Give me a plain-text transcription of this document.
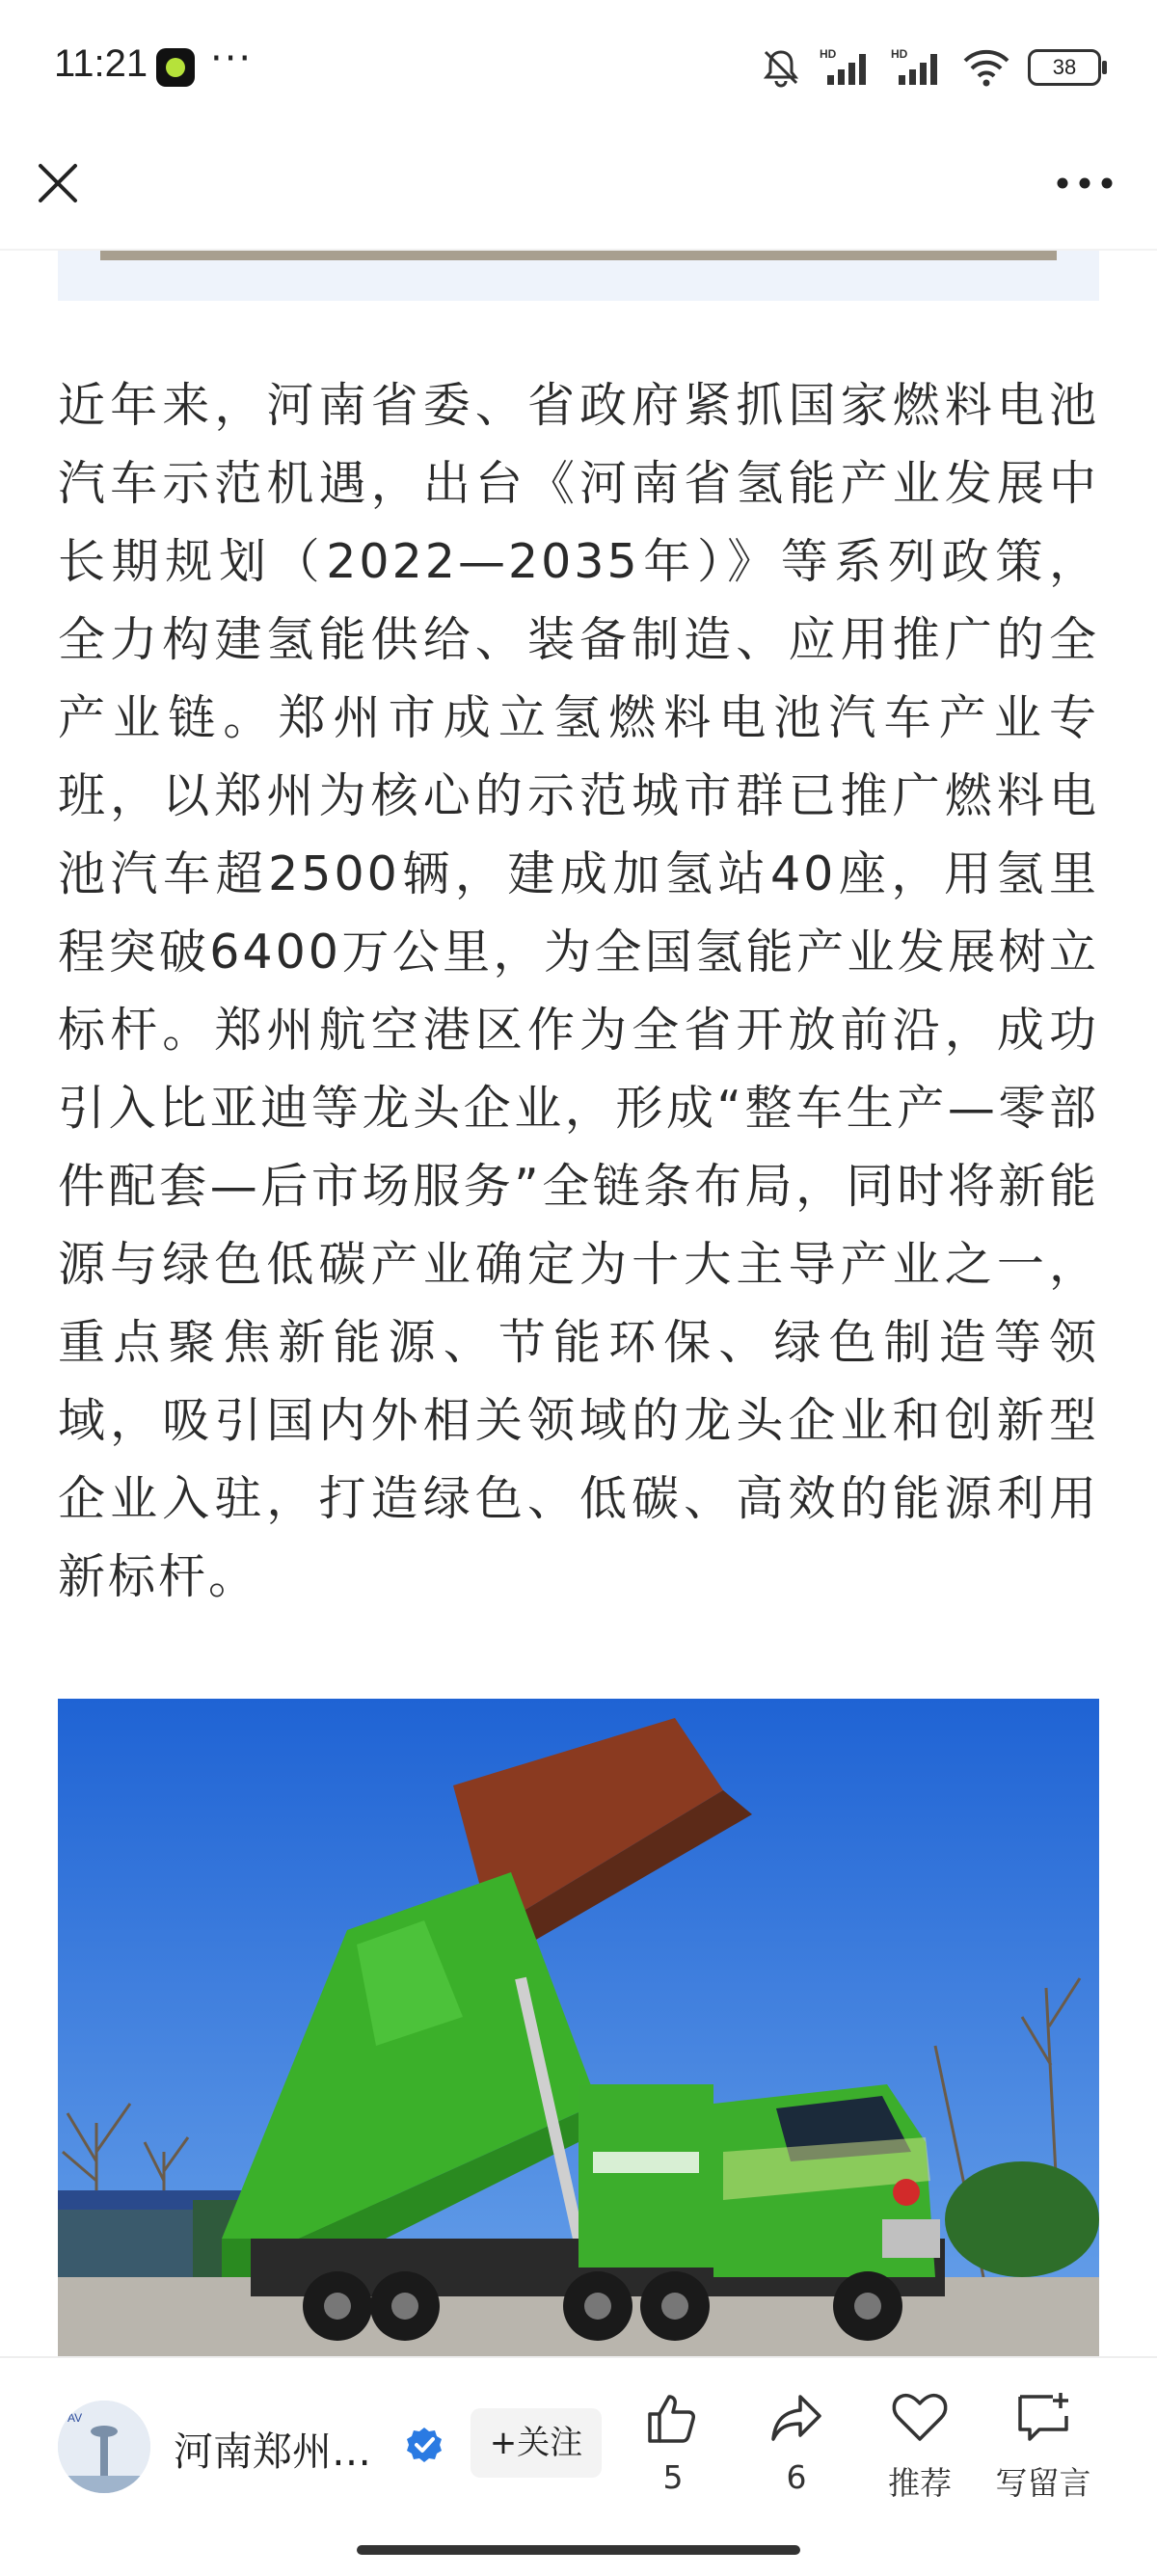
11:21 ···	HD	HD
38

近年来，河南省委、省政府紧抓国家燃料电池汽车示范机遇，出台《河南省氢能产业发展中长期规划（2022—2035年）》等系列政策，全力构建氢能供给、装备制造、应用推广的全产业链。郑州市成立氢燃料电池汽车产业专班，以郑州为核心的示范城市群已推广燃料电池汽车超2500辆，建成加氢站40座，用氢里程突破6400万公里，为全国氢能产业发展树立标杆。郑州航空港区作为全省开放前沿，成功引入比亚迪等龙头企业，形成“整车生产—零部件配套—后市场服务”全链条布局，同时将新能源与绿色低碳产业确定为十大主导产业之一，重点聚焦新能源、节能环保、绿色制造等领域，吸引国内外相关领域的龙头企业和创新型企业入驻，打造绿色、低碳、高效的能源利用新标杆。

AV
河南郑州…	+关注
5	6	推荐	写留言
